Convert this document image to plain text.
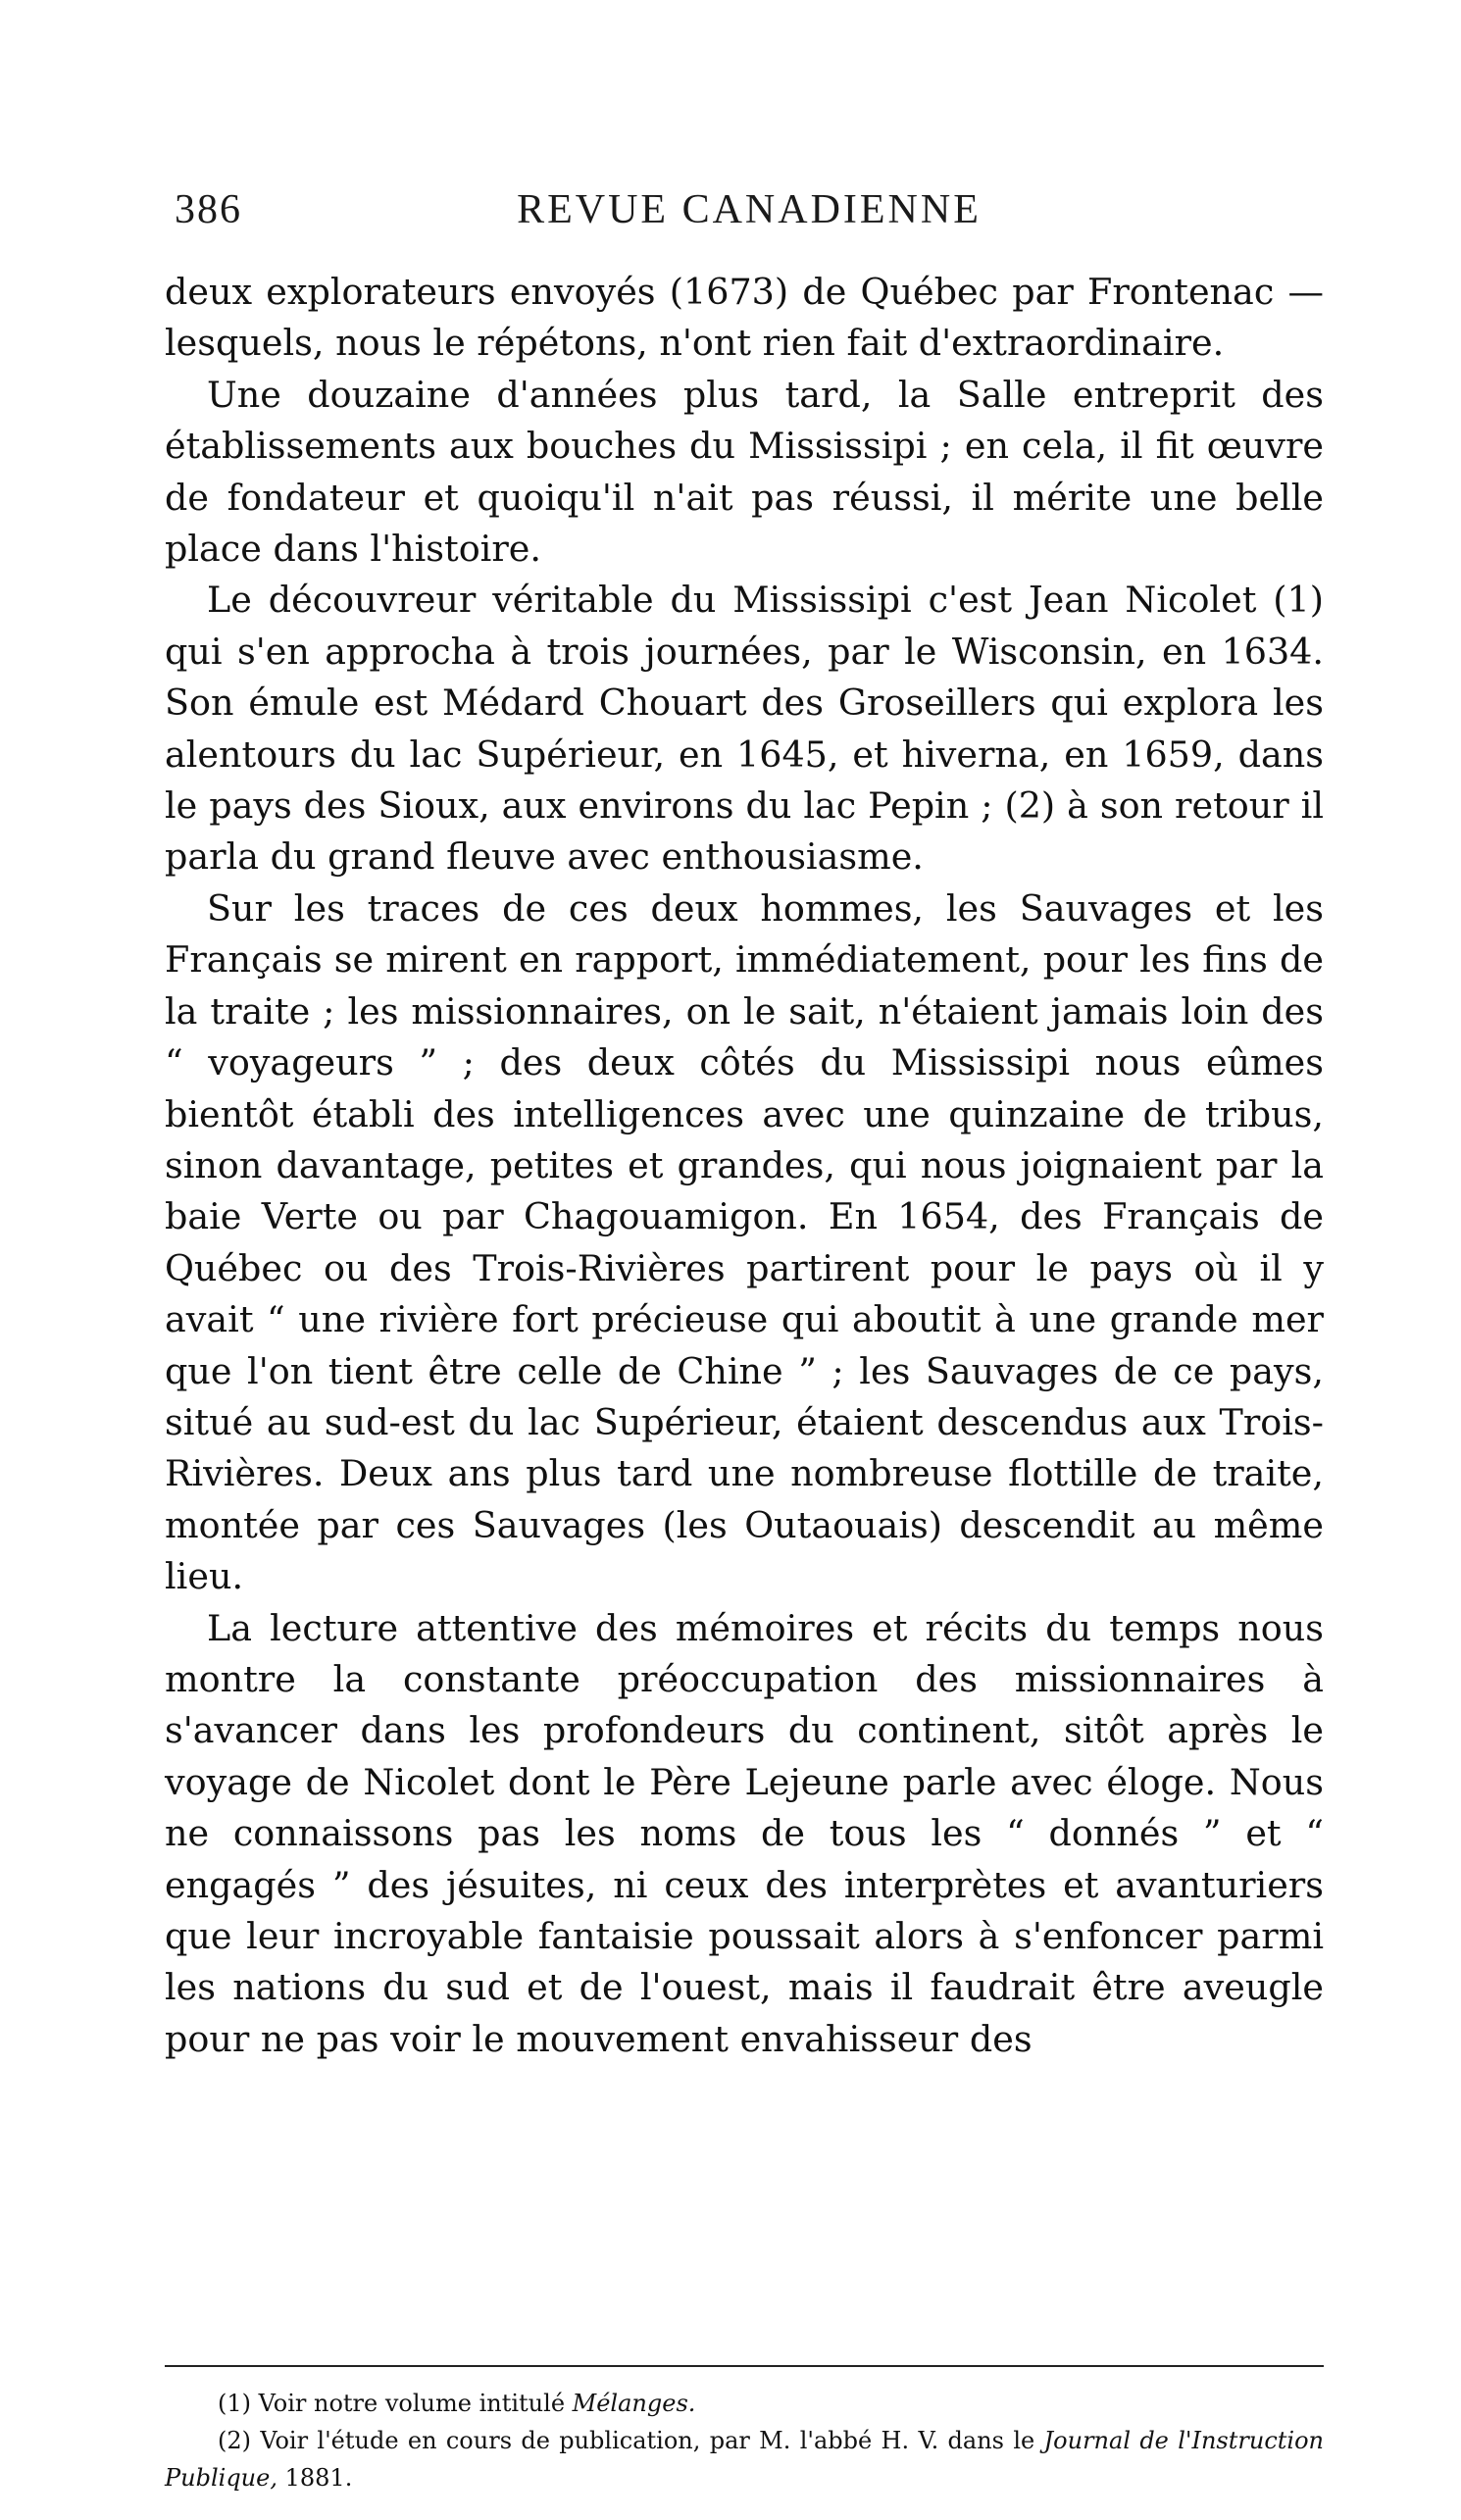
386	REVUE CANADIENNE

deux explorateurs envoyés (1673) de Québec par Frontenac —lesquels, nous le répétons, n'ont rien fait d'extraordinaire.

Une douzaine d'années plus tard, la Salle entreprit des établissements aux bouches du Mississipi ; en cela, il fit œuvre de fondateur et quoiqu'il n'ait pas réussi, il mérite une belle place dans l'histoire.

Le découvreur véritable du Mississipi c'est Jean Nicolet (1) qui s'en approcha à trois journées, par le Wisconsin, en 1634. Son émule est Médard Chouart des Groseillers qui explora les alentours du lac Supérieur, en 1645, et hiverna, en 1659, dans le pays des Sioux, aux environs du lac Pepin ; (2) à son retour il parla du grand fleuve avec enthousiasme.

Sur les traces de ces deux hommes, les Sauvages et les Français se mirent en rapport, immédiatement, pour les fins de la traite ; les missionnaires, on le sait, n'étaient jamais loin des “ voyageurs ” ; des deux côtés du Mississipi nous eûmes bientôt établi des intelligences avec une quinzaine de tribus, sinon davantage, petites et grandes, qui nous joignaient par la baie Verte ou par Chagouamigon. En 1654, des Français de Québec ou des Trois-Rivières partirent pour le pays où il y avait “ une rivière fort précieuse qui aboutit à une grande mer que l'on tient être celle de Chine ” ; les Sauvages de ce pays, situé au sud-est du lac Supérieur, étaient descendus aux Trois-Rivières. Deux ans plus tard une nombreuse flottille de traite, montée par ces Sauvages (les Outaouais) descendit au même lieu.

La lecture attentive des mémoires et récits du temps nous montre la constante préoccupation des missionnaires à s'avancer dans les profondeurs du continent, sitôt après le voyage de Nicolet dont le Père Lejeune parle avec éloge. Nous ne connaissons pas les noms de tous les “ donnés ” et “ engagés ” des jésuites, ni ceux des interprètes et avanturiers que leur incroyable fantaisie poussait alors à s'enfoncer parmi les nations du sud et de l'ouest, mais il faudrait être aveugle pour ne pas voir le mouvement envahisseur des

(1) Voir notre volume intitulé Mélanges.

(2) Voir l'étude en cours de publication, par M. l'abbé H. V. dans le Journal de l'Instruction Publique, 1881.
